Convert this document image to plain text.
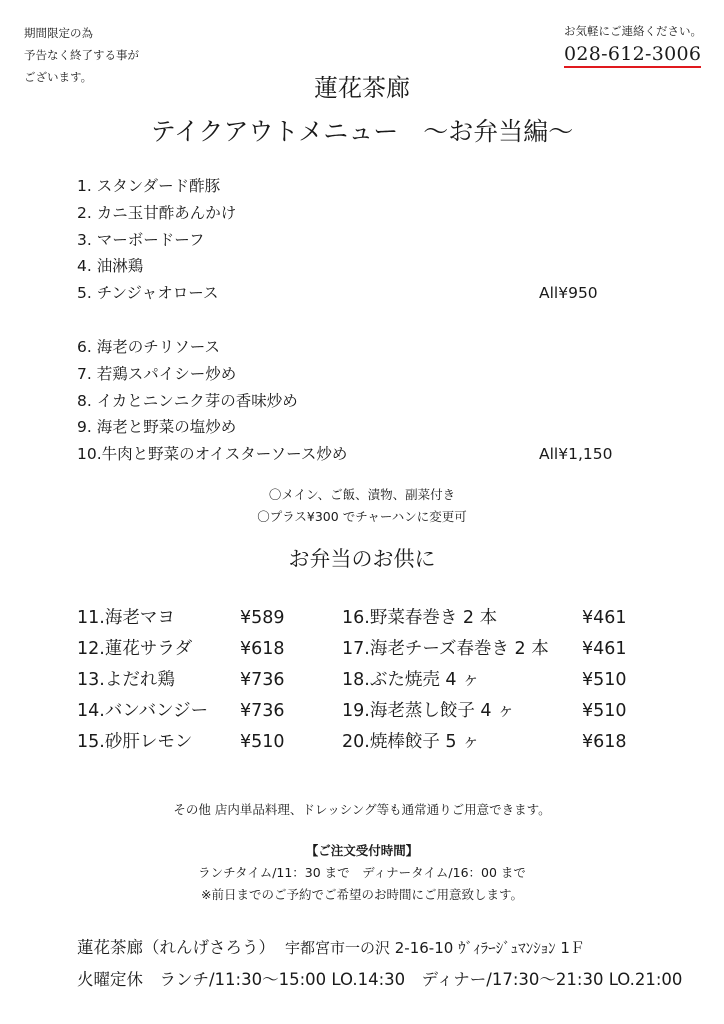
期間限定の為
予告なく終了する事が
ございます。
お気軽にご連絡ください。
028-612-3006
蓮花茶廊
テイクアウトメニュー　～お弁当編～
1. スタンダード酢豚
2. カニ玉甘酢あんかけ
3. マーボードーフ
4. 油淋鶏
5. チンジャオロース	All¥950
6. 海老のチリソース
7. 若鶏スパイシー炒め
8. イカとニンニク芽の香味炒め
9. 海老と野菜の塩炒め
10.牛肉と野菜のオイスターソース炒め	All¥1,150
〇メイン、ご飯、漬物、副菜付き
〇プラス¥300 でチャーハンに変更可
お弁当のお供に
11.海老マヨ	¥589
12.蓮花サラダ	¥618
13.よだれ鶏	¥736
14.バンバンジー ¥736
15.砂肝レモン	¥510
16.野菜春巻き 2 本	¥461
17.海老チーズ春巻き 2 本 ¥461
18.ぶた焼売 4 ヶ	¥510
19.海老蒸し餃子 4 ヶ	¥510
20.焼棒餃子 5 ヶ	¥618
その他 店内単品料理、ドレッシング等も通常通りご用意できます。
【ご注文受付時間】
ランチタイム/11：30 まで　ディナータイム/16：00 まで
※前日までのご予約でご希望のお時間にご用意致します。
蓮花茶廊（れんげさろう） 宇都宮市一の沢 2-16-10 ｳﾞｨﾗｰｼﾞｭﾏﾝｼｮﾝ 1Ｆ
火曜定休　ランチ/11:30～15:00 LO.14:30　ディナー/17:30～21:30 LO.21:00
